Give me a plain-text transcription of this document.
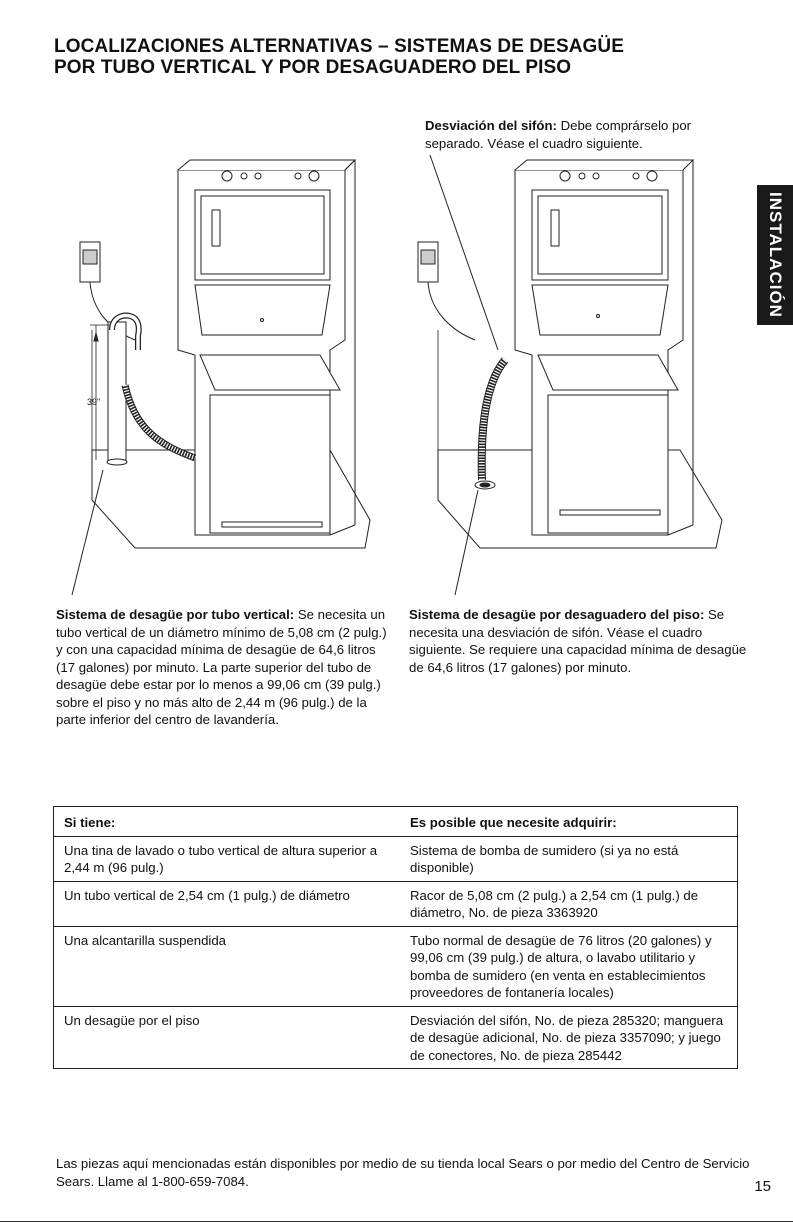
LOCALIZACIONES ALTERNATIVAS – SISTEMAS DE DESAGÜE
POR TUBO VERTICAL Y POR DESAGUADERO DEL PISO
INSTALACIÓN
Desviación del sifón: Debe comprárselo por separado. Véase el cuadro siguiente.
39"
Sistema de desagüe por tubo vertical: Se necesita un tubo vertical de un diámetro mínimo de 5,08 cm (2 pulg.) y con una capacidad mínima de desagüe de 64,6 litros (17 galones) por minuto. La parte superior del tubo de desagüe debe estar por lo menos a 99,06 cm (39 pulg.) sobre el piso y no más alto de 2,44 m (96 pulg.) de la parte inferior del centro de lavandería.
Sistema de desagüe por desaguadero del piso: Se necesita una desviación de sifón. Véase el cuadro siguiente. Se requiere una capacidad mínima de desagüe de 64,6 litros (17 galones) por minuto.
Si tiene:	Es posible que necesite adquirir:
Una tina de lavado o tubo vertical de altura superior a 2,44 m (96 pulg.)	Sistema de bomba de sumidero (si ya no está disponible)
Un tubo vertical de 2,54 cm (1 pulg.) de diámetro	Racor de 5,08 cm (2 pulg.) a 2,54 cm (1 pulg.) de diámetro, No. de pieza 3363920
Una alcantarilla suspendida	Tubo normal de desagüe de 76 litros (20 galones) y 99,06 cm (39 pulg.) de altura, o lavabo utilitario y bomba de sumidero (en venta en establecimientos proveedores de fontanería locales)
Un desagüe por el piso	Desviación del sifón, No. de pieza 285320; manguera de desagüe adicional, No. de pieza 3357090; y juego de conectores, No. de pieza 285442
Las piezas aquí mencionadas están disponibles por medio de su tienda local Sears o por medio del Centro de Servicio Sears. Llame al 1-800-659-7084.	15
